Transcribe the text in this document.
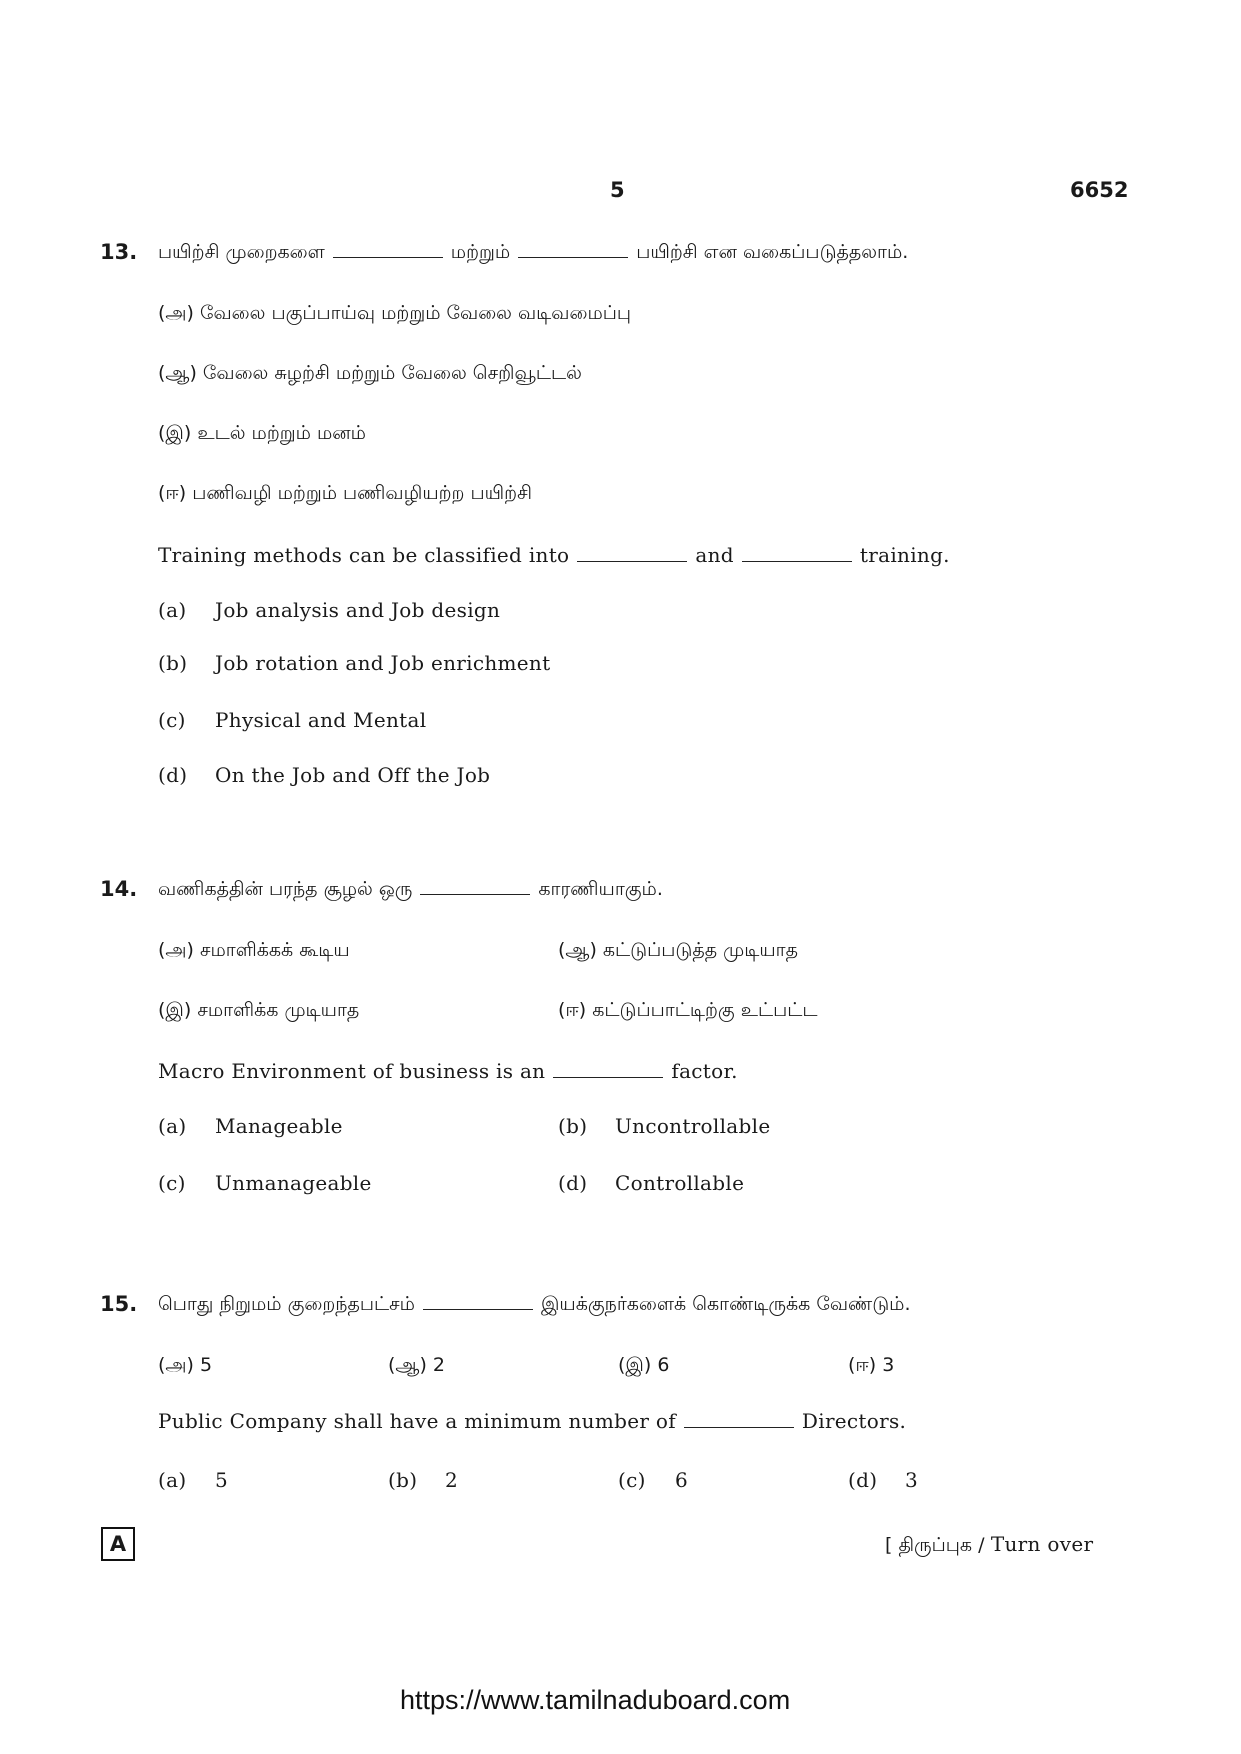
5	6652
13. பயிற்சி முறைகளை	மற்றும்	பயிற்சி என வகைப்படுத்தலாம்.
(அ) வேலை பகுப்பாய்வு மற்றும் வேலை வடிவமைப்பு
(ஆ) வேலை சுழற்சி மற்றும் வேலை செறிவூட்டல்
(இ) உடல் மற்றும் மனம்
(ஈ) பணிவழி மற்றும் பணிவழியற்ற பயிற்சி
Training methods can be classified into	and	training.
(a) Job analysis and Job design
(b) Job rotation and Job enrichment
(c) Physical and Mental
(d) On the Job and Off the Job
14. வணிகத்தின் பரந்த சூழல் ஒரு	காரணியாகும்.
(அ) சமாளிக்கக் கூடிய	(ஆ) கட்டுப்படுத்த முடியாத
(இ) சமாளிக்க முடியாத	(ஈ) கட்டுப்பாட்டிற்கு உட்பட்ட
Macro Environment of business is an	factor.
(a) Manageable	(b) Uncontrollable
(c) Unmanageable	(d) Controllable
15. பொது நிறுமம் குறைந்தபட்சம்	இயக்குநர்களைக் கொண்டிருக்க வேண்டும்.
(அ) 5	(ஆ) 2	(இ) 6	(ஈ) 3
Public Company shall have a minimum number of	Directors.
(a) 5	(b) 2	(c) 6	(d) 3
A	[ திருப்புக / Turn over
https://www.tamilnaduboard.com
